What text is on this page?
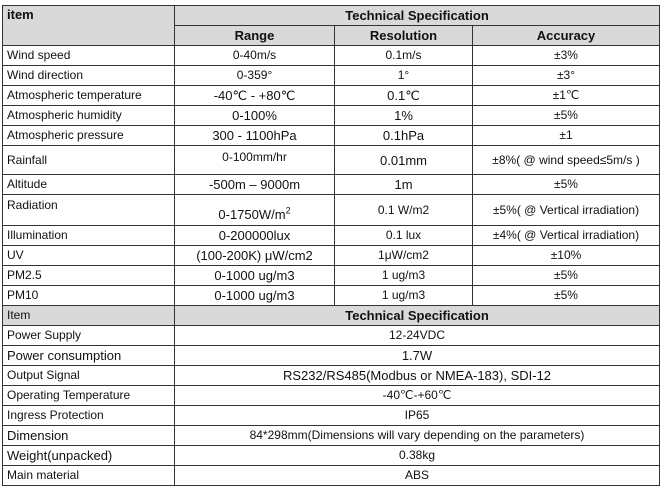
item	Technical Specification		
	Range	Resolution	Accuracy
Wind speed	0-40m/s	0.1m/s	±3%
Wind direction	0-359°	1°	±3°
Atmospheric temperature	-40℃ - +80℃	0.1℃	±1℃
Atmospheric humidity	0-100%	1%	±5%
Atmospheric pressure	300 - 1100hPa	0.1hPa	±1
Rainfall	0-100mm/hr	0.01mm	±8%( @ wind speed≤5m/s )
Altitude	-500m – 9000m	1m	±5%
Radiation	$0-1750W/m^2$	0.1 W/m2	±5%( @ Vertical irradiation)
Illumination	0-200000lux	0.1 lux	±4%( @ Vertical irradiation)
UV	(100-200K) μW/cm2	1μW/cm2	±10%
PM2.5	0-1000 ug/m3	1 ug/m3	±5%
PM10	0-1000 ug/m3	1 ug/m3	±5%
Item	Technical Specification		
Power Supply	12-24VDC		
Power consumption	1.7W		
Output Signal	RS232/RS485(Modbus or NMEA-183), SDI-12		
Operating Temperature	-40℃-+60℃		
Ingress Protection	IP65		
Dimension	84*298mm(Dimensions will vary depending on the parameters)		
Weight(unpacked)	0.38kg		
Main material	ABS		
